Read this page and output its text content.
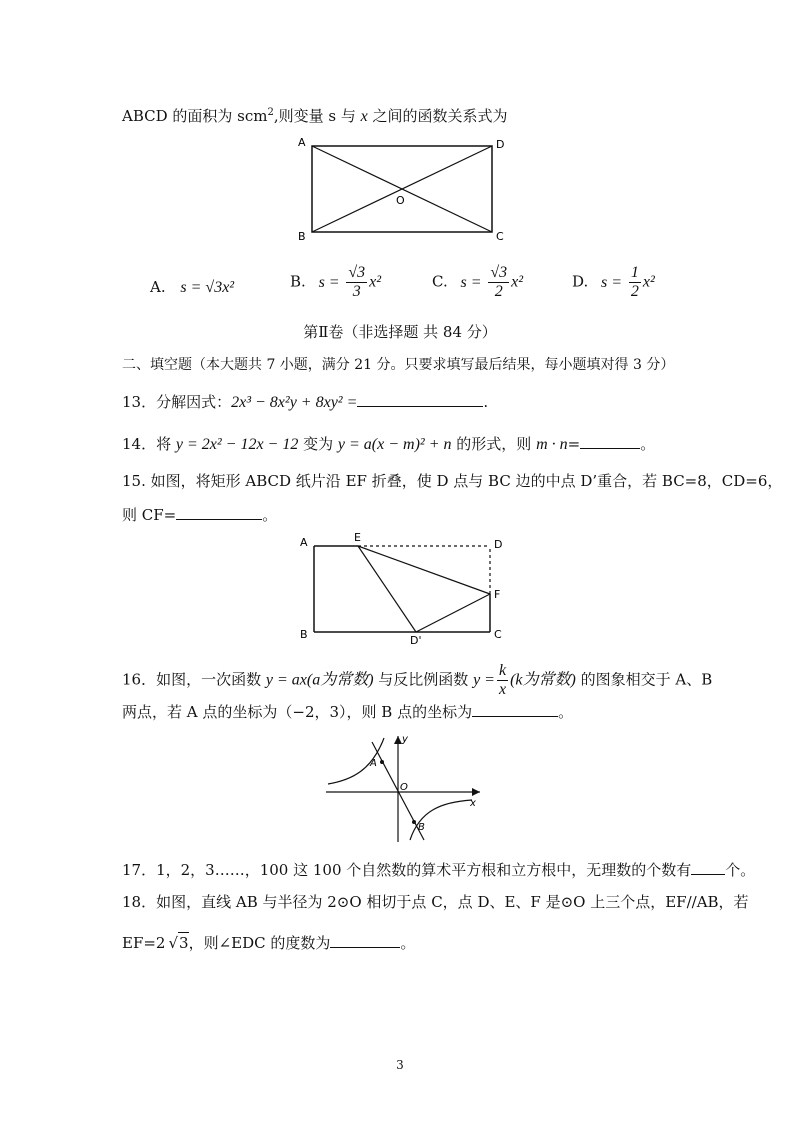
ABCD 的面积为 scm$^2$,则变量 s 与 x 之间的函数关系式为
A	D
O
B	C
A. s = √3x²	B. $s = \frac{√3}{3} x^2$	C. $s = \frac{√3}{2} x^2$	D. $s = \frac{1}{2} x^2$
第Ⅱ卷（非选择题 共 84 分）
二、填空题（本大题共 7 小题，满分 21 分。只要求填写最后结果，每小题填对得 3 分）
13．分解因式：2x³ − 8x²y + 8xy² =	.
14．将 y = 2x² − 12x − 12 变为 y = a(x − m)² + n 的形式，则 m · n=	。
15. 如图，将矩形 ABCD 纸片沿 EF 折叠，使 D 点与 BC 边的中点 D’重合，若 BC=8，CD=6，
则 CF=	。
A	E
D
F
B	D'	C
16．如图，一次函数 y = ax(a为常数) 与反比例函数 $y = \frac{k}{x} (k$为常数) 的图象相交于 A、B
两点，若 A 点的坐标为（−2，3），则 B 点的坐标为	。
y
A
O
x
B
17．1，2，3……，100 这 100 个自然数的算术平方根和立方根中，无理数的个数有 个。
18．如图，直线 AB 与半径为 2⊙O 相切于点 C，点 D、E、F 是⊙O 上三个点，EF//AB，若
EF=2 √3，则∠EDC 的度数为	。
3
